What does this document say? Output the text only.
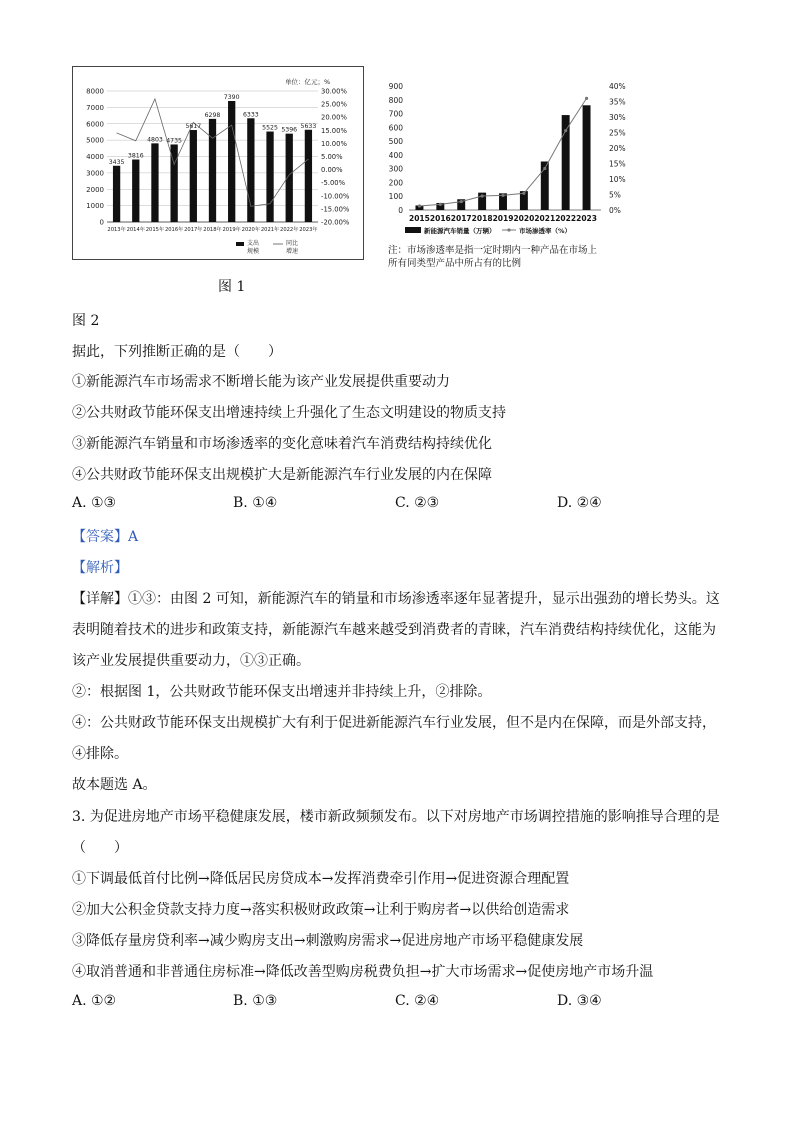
单位：亿元；%
8000
7000
6000
5000
4000
3000
2000
1000
0
30.00%
25.00%
20.00%
15.00%
10.00%
5.00%
0.00%
-5.00%
-10.00%
-15.00%
-20.00%
3435
3816
4803 4735
5617
6298
7390
6333
5525 5396
5633
2013年 2014年 2015年 2016年 2017年 2018年 2019年 2020年 2021年 2022年 2023年
支出
规模
同比
增速
图 1
900
800
700
600
500
400
300
200
100
0
40%
35%
30%
25%
20%
15%
10%
5%
0%
2015 2016 2017 2018 2019 2020 2021 2022 2023
新能源汽车销量（万辆）	市场渗透率（%）
注：市场渗透率是指一定时期内一种产品在市场上
所有同类型产品中所占有的比例
图 2
据此，下列推断正确的是（　　）
①新能源汽车市场需求不断增长能为该产业发展提供重要动力
②公共财政节能环保支出增速持续上升强化了生态文明建设的物质支持
③新能源汽车销量和市场渗透率的变化意味着汽车消费结构持续优化
④公共财政节能环保支出规模扩大是新能源汽车行业发展的内在保障
A. ①③	B. ①④	C. ②③	D. ②④
【答案】A
【解析】
【详解】①③：由图 2 可知，新能源汽车的销量和市场渗透率逐年显著提升，显示出强劲的增长势头。这
表明随着技术的进步和政策支持，新能源汽车越来越受到消费者的青睐，汽车消费结构持续优化，这能为
该产业发展提供重要动力，①③正确。
②：根据图 1，公共财政节能环保支出增速并非持续上升，②排除。
④：公共财政节能环保支出规模扩大有利于促进新能源汽车行业发展，但不是内在保障，而是外部支持，
④排除。
故本题选 A。
3. 为促进房地产市场平稳健康发展，楼市新政频频发布。以下对房地产市场调控措施的影响推导合理的是
（　　）
①下调最低首付比例→降低居民房贷成本→发挥消费牵引作用→促进资源合理配置
②加大公积金贷款支持力度→落实积极财政政策→让利于购房者→以供给创造需求
③降低存量房贷利率→减少购房支出→刺激购房需求→促进房地产市场平稳健康发展
④取消普通和非普通住房标准→降低改善型购房税费负担→扩大市场需求→促使房地产市场升温
A. ①②	B. ①③	C. ②④	D. ③④
